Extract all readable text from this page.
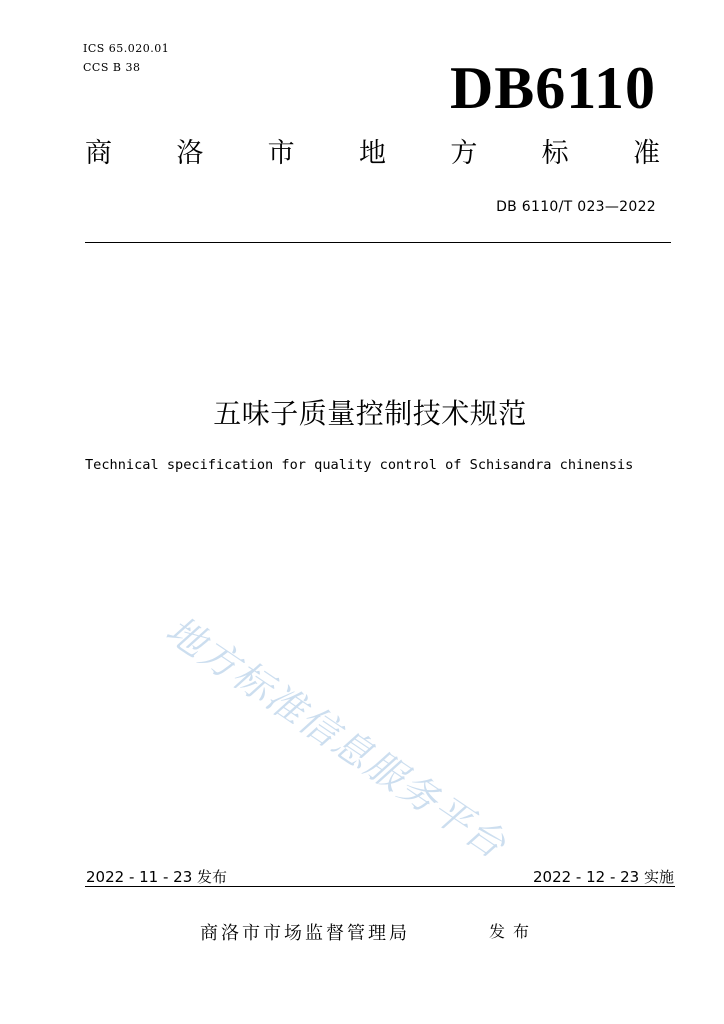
ICS 65.020.01
CCS B 38	DB6110
商 洛 市 地 方 标 准
DB 6110/T 023—2022
五味子质量控制技术规范
Technical specification for quality control of Schisandra chinensis
地方标准信息服务平台
2022 - 11 - 23 发布	2022 - 12 - 23 实施
商洛市市场监督管理局	发布
